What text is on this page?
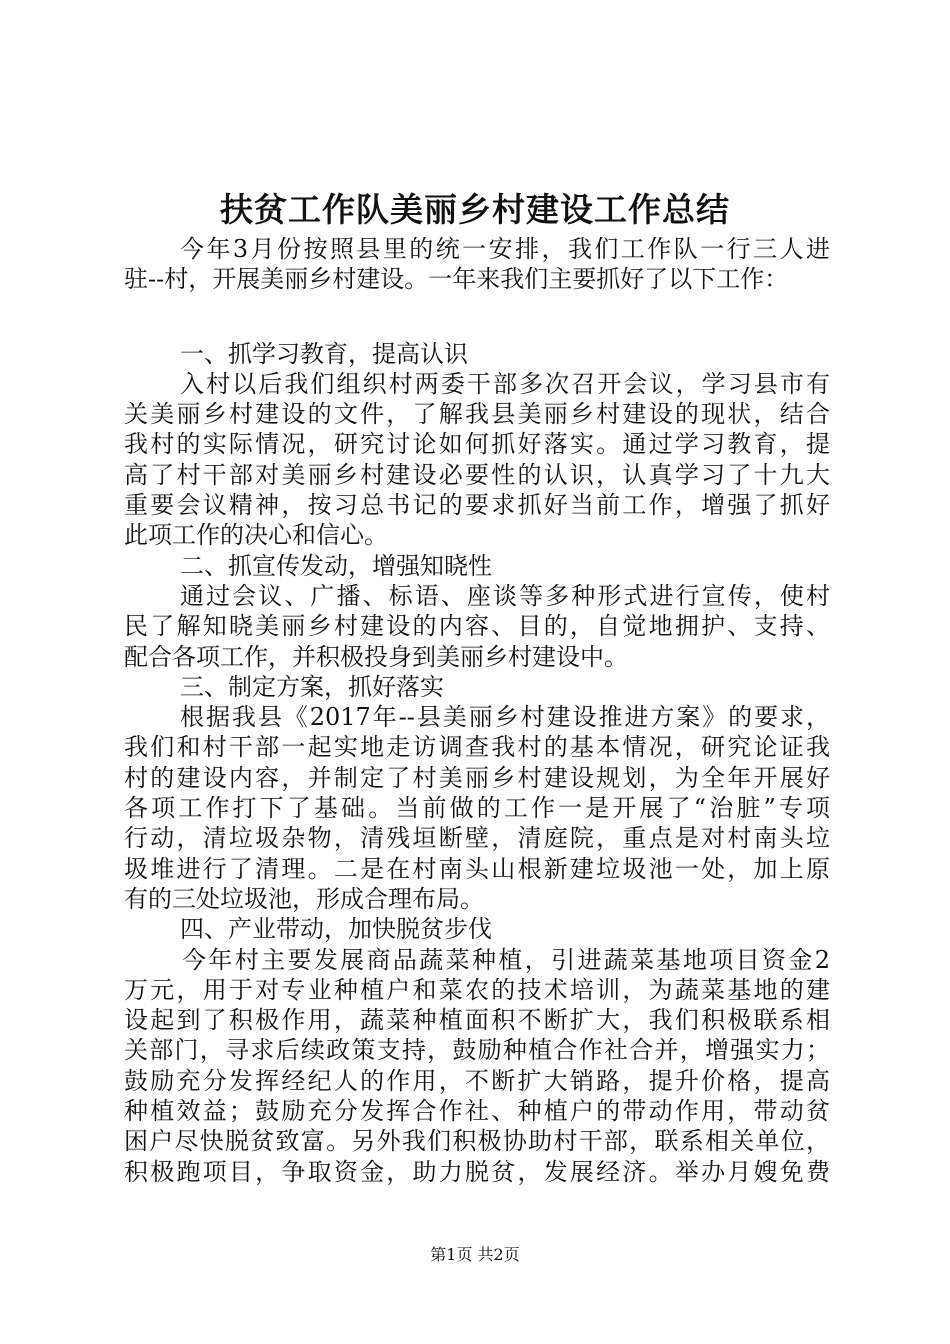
扶贫工作队美丽乡村建设工作总结
今年3月份按照县里的统一安排，我们工作队一行三人进
驻--村，开展美丽乡村建设。一年来我们主要抓好了以下工作：
一、抓学习教育，提高认识
入村以后我们组织村两委干部多次召开会议，学习县市有
关美丽乡村建设的文件，了解我县美丽乡村建设的现状，结合
我村的实际情况，研究讨论如何抓好落实。通过学习教育，提
高了村干部对美丽乡村建设必要性的认识，认真学习了十九大
重要会议精神，按习总书记的要求抓好当前工作，增强了抓好
此项工作的决心和信心。
二、抓宣传发动，增强知晓性
通过会议、广播、标语、座谈等多种形式进行宣传，使村
民了解知晓美丽乡村建设的内容、目的，自觉地拥护、支持、
配合各项工作，并积极投身到美丽乡村建设中。
三、制定方案，抓好落实
根据我县《2017年--县美丽乡村建设推进方案》的要求，
我们和村干部一起实地走访调查我村的基本情况，研究论证我
村的建设内容，并制定了村美丽乡村建设规划，为全年开展好
各项工作打下了基础。当前做的工作一是开展了“治脏”专项
行动，清垃圾杂物，清残垣断壁，清庭院，重点是对村南头垃
圾堆进行了清理。二是在村南头山根新建垃圾池一处，加上原
有的三处垃圾池，形成合理布局。
四、产业带动，加快脱贫步伐
今年村主要发展商品蔬菜种植，引进蔬菜基地项目资金2
万元，用于对专业种植户和菜农的技术培训，为蔬菜基地的建
设起到了积极作用，蔬菜种植面积不断扩大，我们积极联系相
关部门，寻求后续政策支持，鼓励种植合作社合并，增强实力；
鼓励充分发挥经纪人的作用，不断扩大销路，提升价格，提高
种植效益；鼓励充分发挥合作社、种植户的带动作用，带动贫
困户尽快脱贫致富。另外我们积极协助村干部，联系相关单位，
积极跑项目，争取资金，助力脱贫，发展经济。举办月嫂免费
第1页 共2页
